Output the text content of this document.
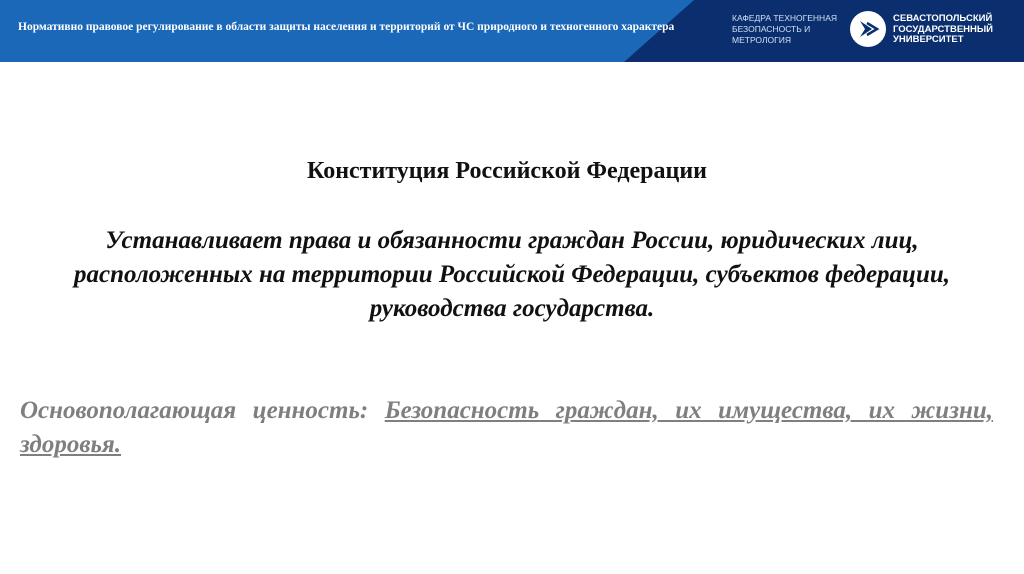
Нормативно правовое регулирование в области защиты населения и территорий от ЧС природного и техногенного характера
КАФЕДРА ТЕХНОГЕННАЯ
БЕЗОПАСНОСТЬ И
МЕТРОЛОГИЯ
СЕВАСТОПОЛЬСКИЙ
ГОСУДАРСТВЕННЫЙ
УНИВЕРСИТЕТ
Конституция Российской Федерации
Устанавливает права и обязанности граждан России, юридических лиц, расположенных на территории Российской Федерации, субъектов федерации, руководства государства.
Основополагающая ценность: Безопасность граждан, их имущества, их жизни, здоровья.
